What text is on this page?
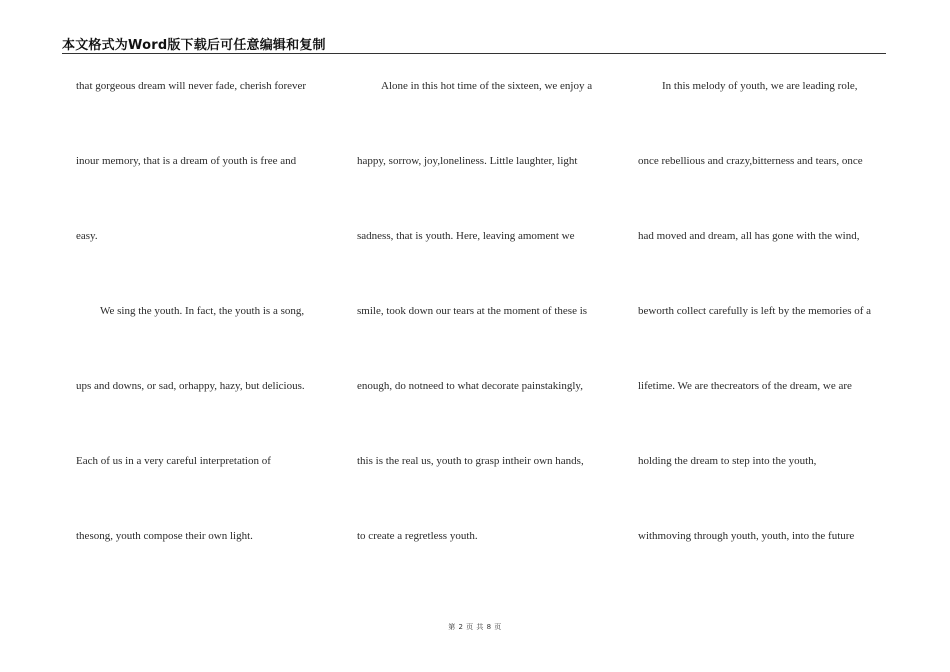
本文格式为Word版下载后可任意编辑和复制
that gorgeous dream will never fade, cherish forever
inour memory, that is a dream of youth is free and
easy.
We sing the youth. In fact, the youth is a song,
ups and downs, or sad, orhappy, hazy, but delicious.
Each of us in a very careful interpretation of
thesong, youth compose their own light.
Alone in this hot time of the sixteen, we enjoy a
happy, sorrow, joy,loneliness. Little laughter, light
sadness, that is youth. Here, leaving amoment we
smile, took down our tears at the moment of these is
enough, do notneed to what decorate painstakingly,
this is the real us, youth to grasp intheir own hands,
to create a regretless youth.
In this melody of youth, we are leading role,
once rebellious and crazy,bitterness and tears, once
had moved and dream, all has gone with the wind,
beworth collect carefully is left by the memories of a
lifetime. We are thecreators of the dream, we are
holding the dream to step into the youth,
withmoving through youth, youth, into the future
第 2 页 共 8 页
